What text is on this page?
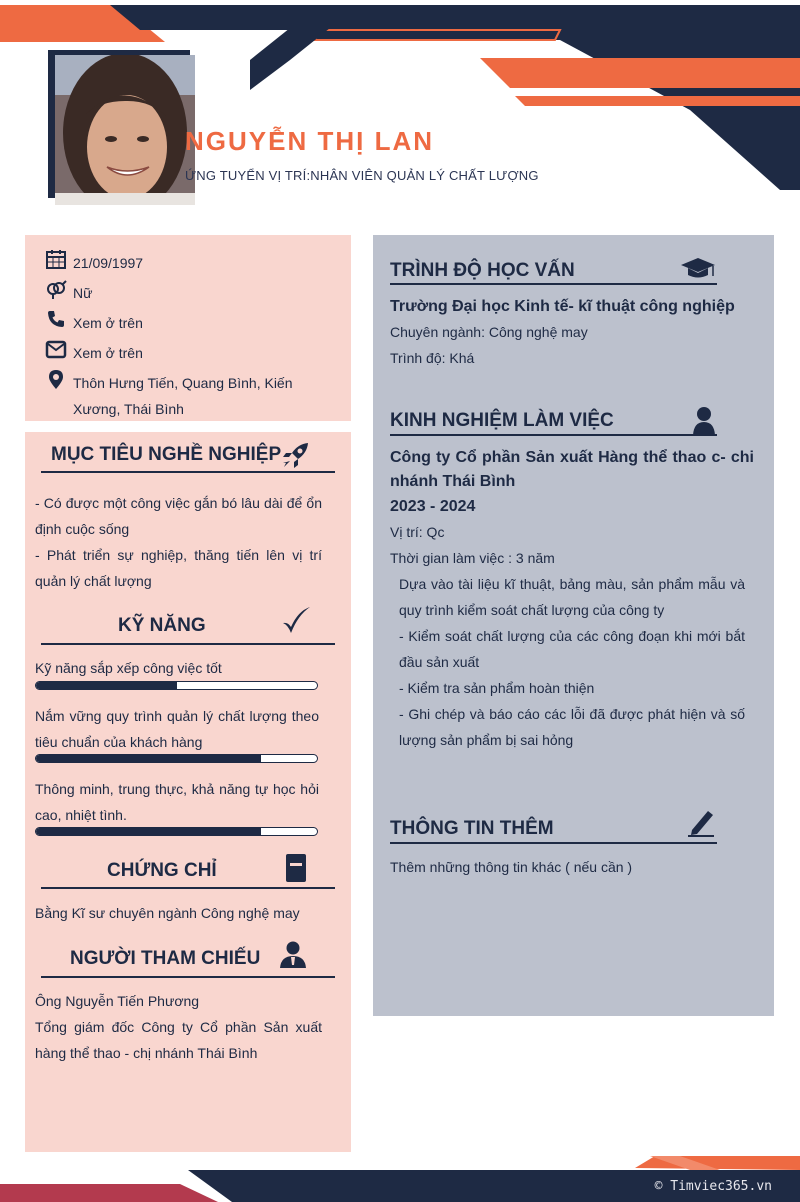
NGUYỄN THỊ LAN
ỨNG TUYỂN VỊ TRÍ:NHÂN VIÊN QUẢN LÝ CHẤT LƯỢNG
21/09/1997
Nữ
Xem ở trên
Xem ở trên
Thôn Hưng Tiến, Quang Bình, Kiến Xương, Thái Bình
MỤC TIÊU NGHỀ NGHIỆP
- Có được một công việc gắn bó lâu dài để ổn định cuộc sống
- Phát triển sự nghiệp, thăng tiến lên vị trí quản lý chất lượng
KỸ NĂNG
Kỹ năng sắp xếp công việc tốt
Nắm vững quy trình quản lý chất lượng theo tiêu chuẩn của khách hàng
Thông minh, trung thực, khả năng tự học hỏi cao, nhiệt tình.
CHỨNG CHỈ
Bằng Kĩ sư chuyên ngành Công nghệ may
NGƯỜI THAM CHIẾU
Ông Nguyễn Tiến Phương
Tổng giám đốc Công ty Cổ phần Sản xuất hàng thể thao - chị nhánh Thái Bình
TRÌNH ĐỘ HỌC VẤN
Trường Đại học Kinh tế- kĩ thuật công nghiệp
Chuyên ngành: Công nghệ may
Trình độ: Khá
KINH NGHIỆM LÀM VIỆC
Công ty Cổ phần Sản xuất Hàng thể thao c- chi nhánh Thái Bình
2023 - 2024
Vị trí: Qc
Thời gian làm việc : 3 năm
Dựa vào tài liệu kĩ thuật, bảng màu, sản phẩm mẫu và quy trình kiểm soát chất lượng của công ty
- Kiểm soát chất lượng của các công đoạn khi mới bắt đầu sản xuất
- Kiểm tra sản phẩm hoàn thiện
- Ghi chép và báo cáo các lỗi đã được phát hiện và số lượng sản phẩm bị sai hỏng
THÔNG TIN THÊM
Thêm những thông tin khác ( nếu cần )
© Timviec365.vn
